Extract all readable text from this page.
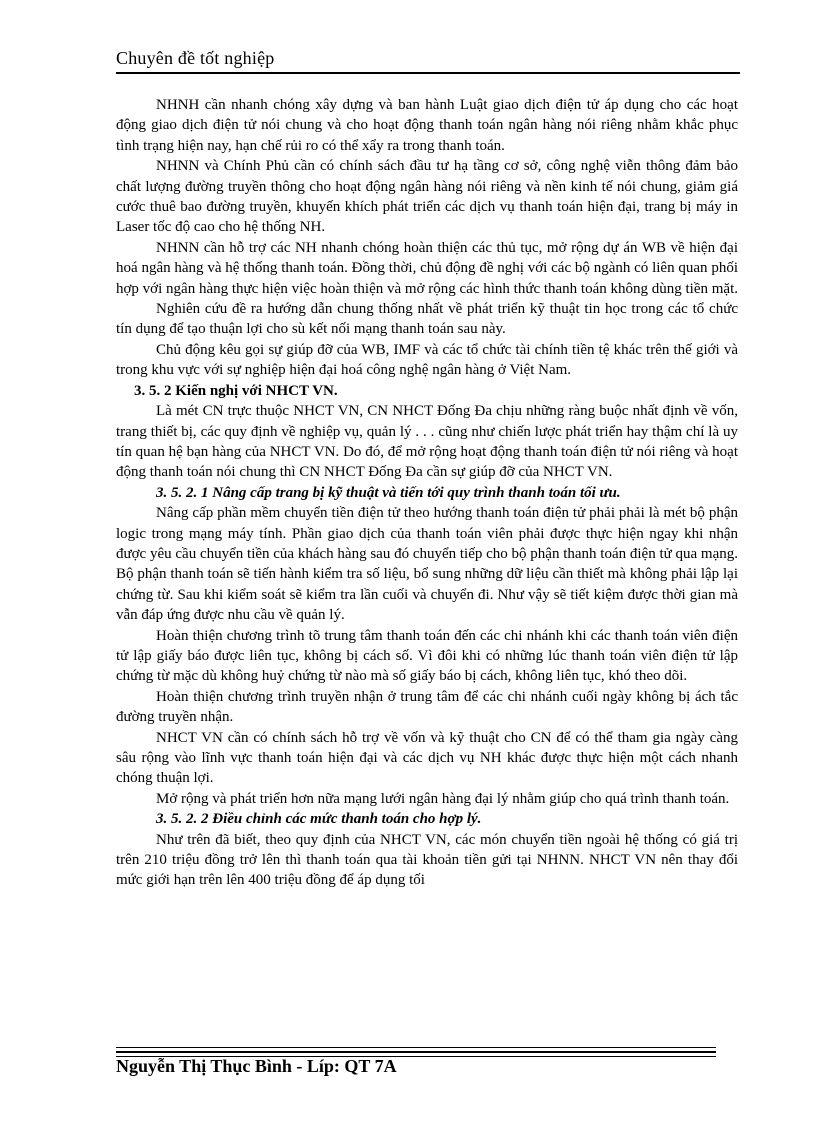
Chuyên đề tốt nghiệp

NHNH cần nhanh chóng xây dựng và ban hành Luật giao dịch điện tử áp dụng cho các hoạt động giao dịch điện tử nói chung và cho hoạt động thanh toán ngân hàng nói riêng nhằm khắc phục tình trạng hiện nay, hạn chế rủi ro có thể xẩy ra trong thanh toán.

NHNN và Chính Phủ cần có chính sách đầu tư hạ tầng cơ sở, công nghệ viễn thông đảm bảo chất lượng đường truyền thông cho hoạt động ngân hàng nói riêng và nền kinh tế nói chung, giảm giá cước thuê bao đường truyền, khuyến khích phát triển các dịch vụ thanh toán hiện đại, trang bị máy in Laser tốc độ cao cho hệ thống NH.

NHNN cần hỗ trợ các NH nhanh chóng hoàn thiện các thủ tục, mở rộng dự án WB về hiện đại hoá ngân hàng và hệ thống thanh toán. Đồng thời, chủ động đề nghị với các bộ ngành có liên quan phối hợp với ngân hàng thực hiện việc hoàn thiện và mở rộng các hình thức thanh toán không dùng tiền mặt.

Nghiên cứu đề ra hướng dẫn chung thống nhất về phát triển kỹ thuật tin học trong các tổ chức tín dụng để tạo thuận lợi cho sù kết nối mạng thanh toán sau này.

Chủ động kêu gọi sự giúp đỡ của WB, IMF và các tổ chức tài chính tiền tệ khác trên thế giới và trong khu vực với sự nghiệp hiện đại hoá công nghệ ngân hàng ở Việt Nam.

3. 5. 2 Kiến nghị với NHCT VN.

Là mét CN trực thuộc NHCT VN, CN NHCT Đống Đa chịu những ràng buộc nhất định về vốn, trang thiết bị, các quy định về nghiệp vụ, quản lý . . . cũng như chiến lược phát triển hay thậm chí là uy tín quan hệ bạn hàng của NHCT VN. Do đó, để mở rộng hoạt động thanh toán điện tử nói riêng và hoạt động thanh toán nói chung thì CN NHCT Đống Đa cần sự giúp đỡ của NHCT VN.

3. 5. 2. 1 Nâng cấp trang bị kỹ thuật và tiến tới quy trình thanh toán tối ưu.

Nâng cấp phần mềm chuyển tiền điện tử theo hướng thanh toán điện tử phải phải là mét bộ phận logic trong mạng máy tính. Phần giao dịch của thanh toán viên phải được thực hiện ngay khi nhận được yêu cầu chuyển tiền của khách hàng sau đó chuyển tiếp cho bộ phận thanh toán điện tử qua mạng. Bộ phận thanh toán sẽ tiến hành kiểm tra số liệu, bổ sung những dữ liệu cần thiết mà không phải lập lại chứng từ. Sau khi kiểm soát sẽ kiểm tra lần cuối và chuyển đi. Như vậy sẽ tiết kiệm được thời gian mà vẫn đáp ứng được nhu cầu về quản lý.

Hoàn thiện chương trình tõ trung tâm thanh toán đến các chi nhánh khi các thanh toán viên điện tử lập giấy báo được liên tục, không bị cách số. Vì đôi khi có những lúc thanh toán viên điện tử lập chứng từ mặc dù không huỷ chứng từ nào mà số giấy báo bị cách, không liên tục, khó theo dõi.

Hoàn thiện chương trình truyền nhận ở trung tâm để các chi nhánh cuối ngày không bị ách tắc đường truyền nhận.

NHCT VN cần có chính sách hỗ trợ về vốn và kỹ thuật cho CN để có thể tham gia ngày càng sâu rộng vào lĩnh vực thanh toán hiện đại và các dịch vụ NH khác được thực hiện một cách nhanh chóng thuận lợi.

Mở rộng và phát triển hơn nữa mạng lưới ngân hàng đại lý nhằm giúp cho quá trình thanh toán.

3. 5. 2. 2 Điều chỉnh các mức thanh toán cho hợp lý.

Như trên đã biết, theo quy định của NHCT VN, các món chuyển tiền ngoài hệ thống có giá trị trên 210 triệu đồng trở lên thì thanh toán qua tài khoản tiền gửi tại NHNN. NHCT VN nên thay đổi mức giới hạn trên lên 400 triệu đồng để áp dụng tối

Nguyễn Thị Thục Bình - Líp: QT 7A
